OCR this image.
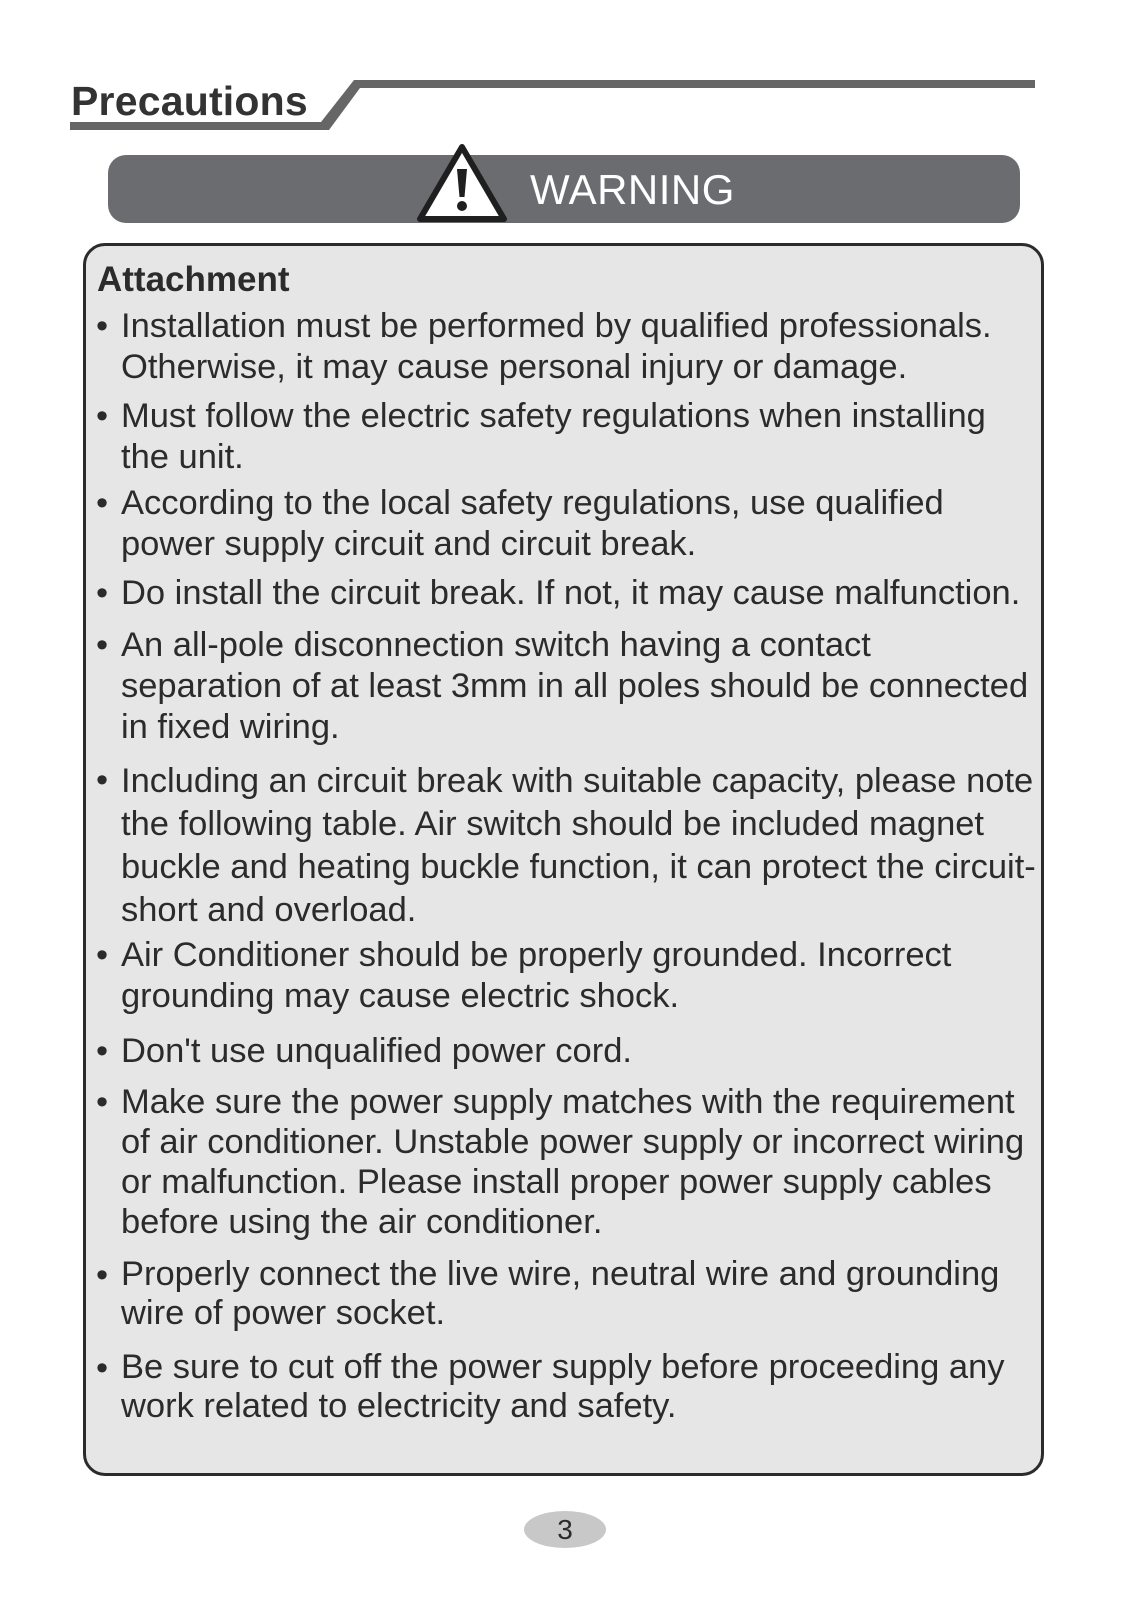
Precautions
WARNING
Attachment
• Installation must be performed by qualified professionals. Otherwise, it may cause personal injury or damage.
• Must follow the electric safety regulations when installing the unit.
• According to the local safety regulations, use qualified power supply circuit and circuit break.
• Do install the circuit break. If not, it may cause malfunction.
• An all-pole disconnection switch having a contact separation of at least 3mm in all poles should be connected in fixed wiring.
• Including an circuit break with suitable capacity, please note the following table. Air switch should be included magnet buckle and heating buckle function, it can protect the circuit-short and overload.
• Air Conditioner should be properly grounded. Incorrect grounding may cause electric shock.
• Don't use unqualified power cord.
• Make sure the power supply matches with the requirement of air conditioner. Unstable power supply or incorrect wiring or malfunction. Please install proper power supply cables before using the air conditioner.
• Properly connect the live wire, neutral wire and grounding wire of power socket.
• Be sure to cut off the power supply before proceeding any work related to electricity and safety.
3
